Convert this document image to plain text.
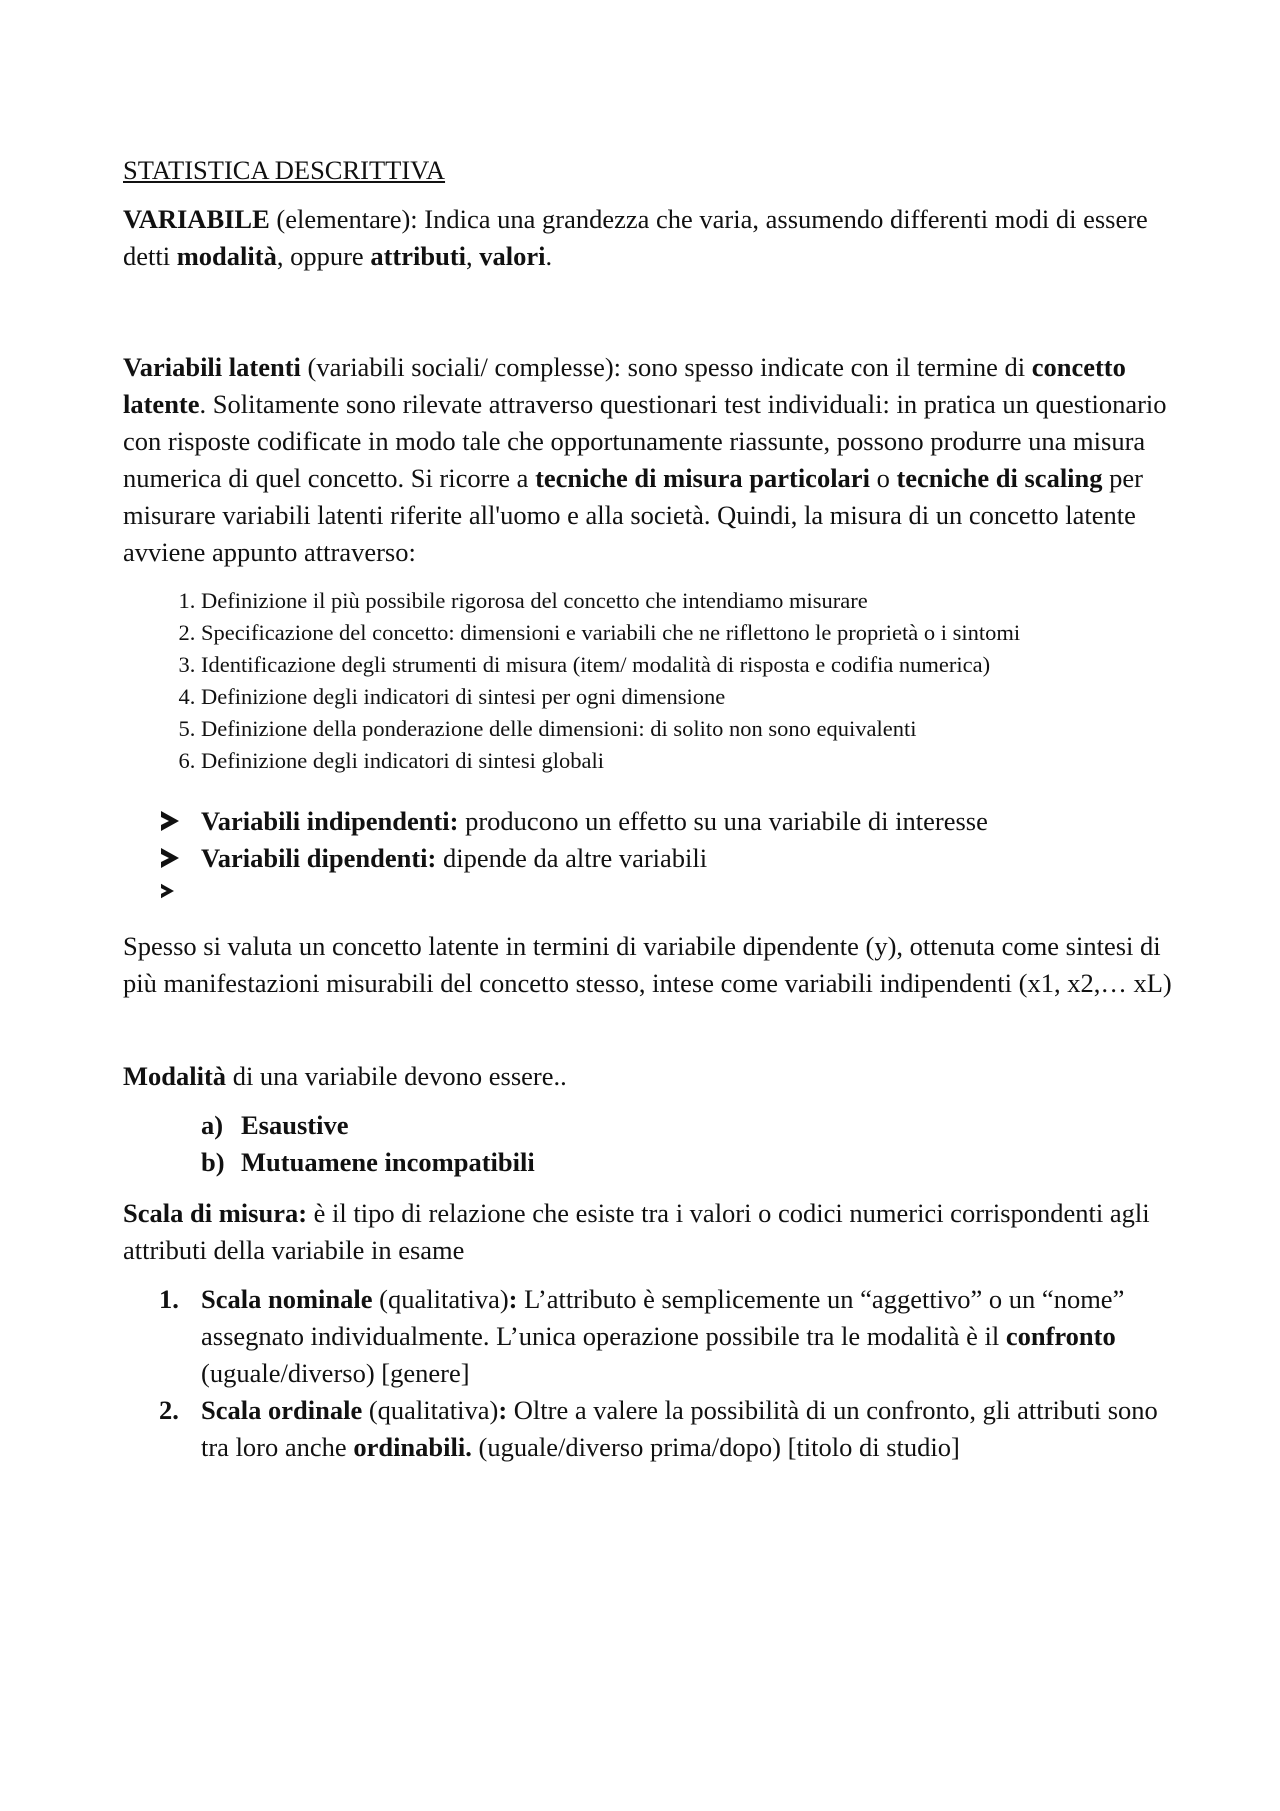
STATISTICA DESCRITTIVA

VARIABILE (elementare): Indica una grandezza che varia, assumendo differenti modi di essere detti modalità, oppure attributi, valori.

Variabili latenti (variabili sociali/ complesse): sono spesso indicate con il termine di concetto latente. Solitamente sono rilevate attraverso questionari test individuali: in pratica un questionario con risposte codificate in modo tale che opportunamente riassunte, possono produrre una misura numerica di quel concetto. Si ricorre a tecniche di misura particolari o tecniche di scaling per misurare variabili latenti riferite all'uomo e alla società. Quindi, la misura di un concetto latente avviene appunto attraverso:

1. Definizione il più possibile rigorosa del concetto che intendiamo misurare
2. Specificazione del concetto: dimensioni e variabili che ne riflettono le proprietà o i sintomi
3. Identificazione degli strumenti di misura (item/ modalità di risposta e codifia numerica)
4. Definizione degli indicatori di sintesi per ogni dimensione
5. Definizione della ponderazione delle dimensioni: di solito non sono equivalenti
6. Definizione degli indicatori di sintesi globali
Variabili indipendenti: producono un effetto su una variabile di interesse
Variabili dipendenti: dipende da altre variabili

Spesso si valuta un concetto latente in termini di variabile dipendente (y), ottenuta come sintesi di più manifestazioni misurabili del concetto stesso, intese come variabili indipendenti (x1, x2,… xL)

Modalità di una variabile devono essere..

a) Esaustive
b) Mutuamene incompatibili

Scala di misura: è il tipo di relazione che esiste tra i valori o codici numerici corrispondenti agli attributi della variabile in esame

1. Scala nominale (qualitativa): L’attributo è semplicemente un “aggettivo” o un “nome” assegnato individualmente. L’unica operazione possibile tra le modalità è il confronto (uguale/diverso) [genere]
2. Scala ordinale (qualitativa): Oltre a valere la possibilità di un confronto, gli attributi sono tra loro anche ordinabili. (uguale/diverso prima/dopo) [titolo di studio]
